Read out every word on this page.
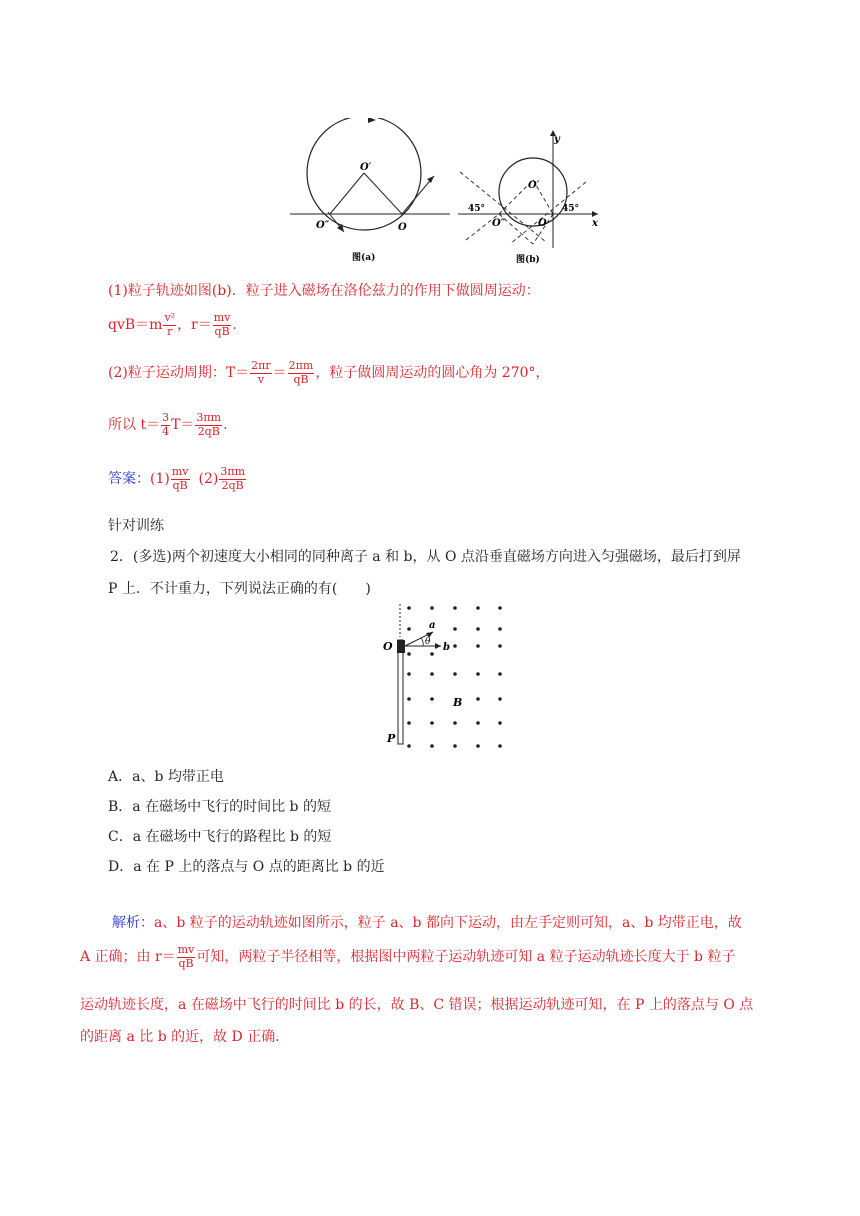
O′
O″	O
图(a)
y
x
45°	45°
O′
O″	O
图(b)
(1)粒子轨迹如图(b)．粒子进入磁场在洛伦兹力的作用下做圆周运动：
$qvB=m \frac{\text{v²}}{r}$ ，$r= \frac{mv}{qB}$ .
(2)粒子运动周期：$T= \frac{2\pi r}{v} = \frac{2\pi m}{qB}$ ，粒子做圆周运动的圆心角为 270°，
所以 $t= \frac{3}{4} T= \frac{3\pi m}{2qB}$ .
答案：$(1) \frac{mv}{qB} (2) \frac{3\pi m}{2qB}$
针对训练
2．(多选)两个初速度大小相同的同种离子 a 和 b，从 O 点沿垂直磁场方向进入匀强磁场，最后打到屏
P 上．不计重力，下列说法正确的有(　　)
O
a
b
θ
B
P
A．a、b 均带正电
B．a 在磁场中飞行的时间比 b 的短
C．a 在磁场中飞行的路程比 b 的短
D．a 在 P 上的落点与 O 点的距离比 b 的近
解析：a、b 粒子的运动轨迹如图所示，粒子 a、b 都向下运动，由左手定则可知，a、b 均带正电，故
A 正确；由 $r= \frac{mv}{qB}$ 可知，两粒子半径相等，根据图中两粒子运动轨迹可知 a 粒子运动轨迹长度大于 b 粒子
运动轨迹长度，a 在磁场中飞行的时间比 b 的长，故 B、C 错误；根据运动轨迹可知，在 P 上的落点与 O 点
的距离 a 比 b 的近，故 D 正确．
